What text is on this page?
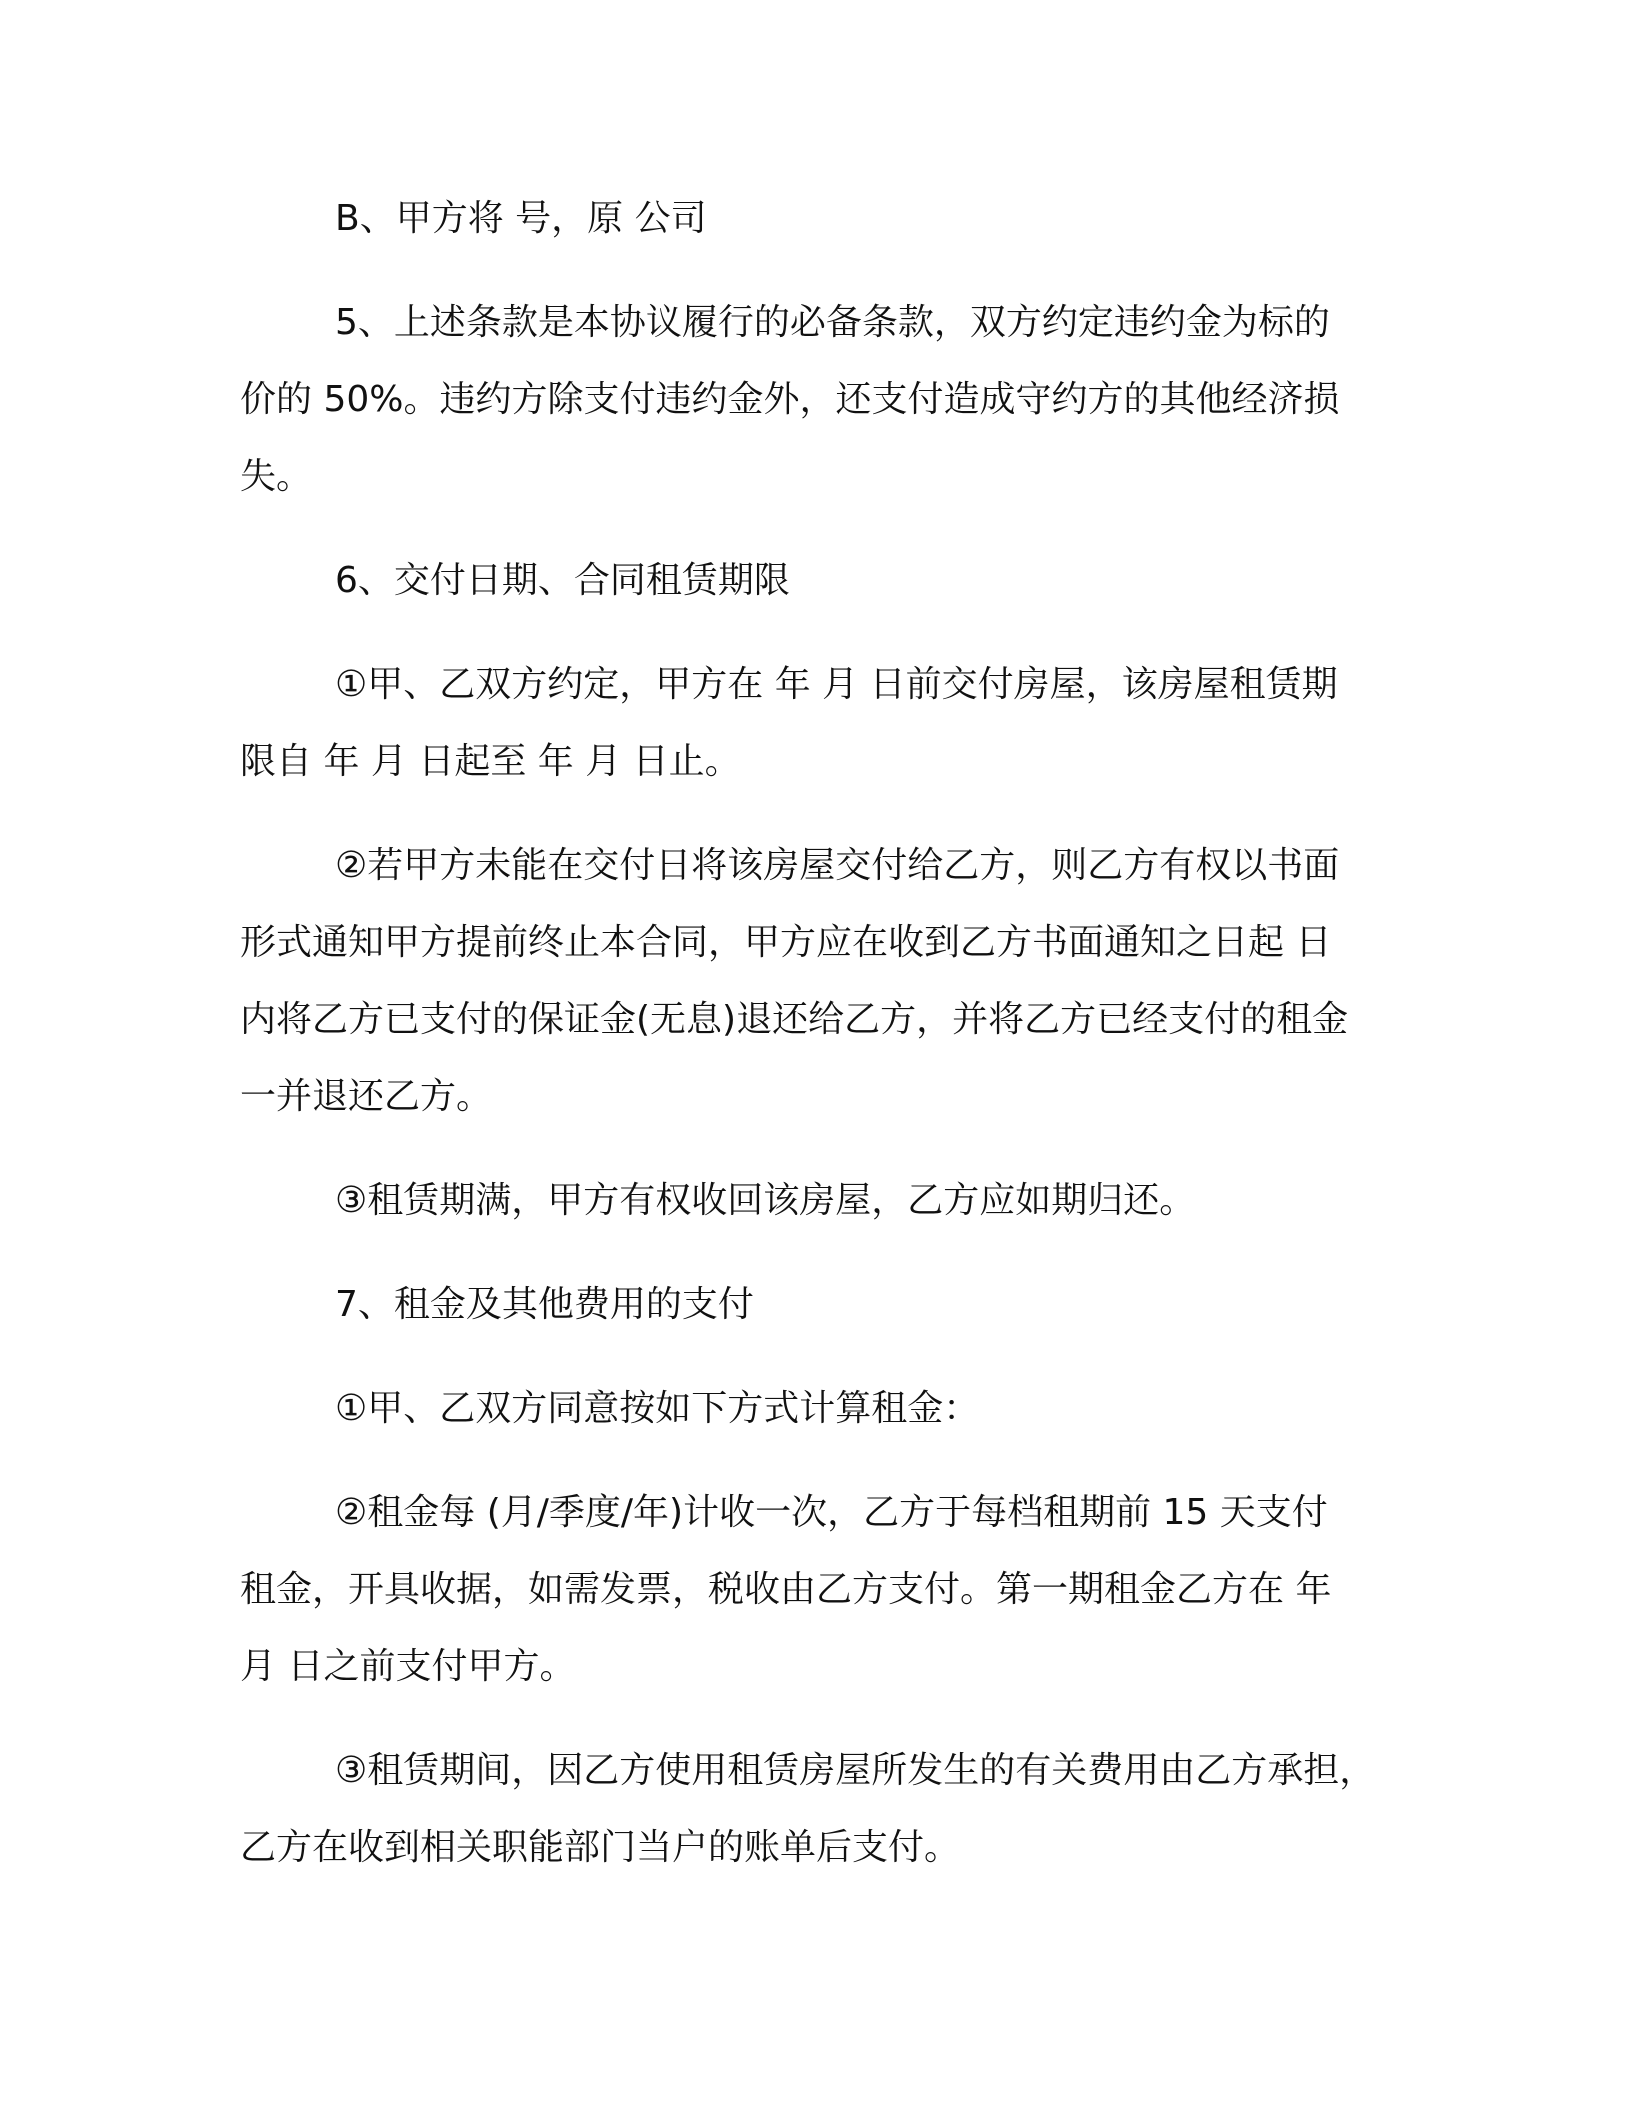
B、甲方将 号，原 公司
5、上述条款是本协议履行的必备条款，双方约定违约金为标的
价的 50%。违约方除支付违约金外，还支付造成守约方的其他经济损
失。
6、交付日期、合同租赁期限
①甲、乙双方约定，甲方在 年 月 日前交付房屋，该房屋租赁期
限自 年 月 日起至 年 月 日止。
②若甲方未能在交付日将该房屋交付给乙方，则乙方有权以书面
形式通知甲方提前终止本合同，甲方应在收到乙方书面通知之日起 日
内将乙方已支付的保证金(无息)退还给乙方，并将乙方已经支付的租金
一并退还乙方。
③租赁期满，甲方有权收回该房屋，乙方应如期归还。
7、租金及其他费用的支付
①甲、乙双方同意按如下方式计算租金：
②租金每 (月/季度/年)计收一次，乙方于每档租期前 15 天支付
租金，开具收据，如需发票，税收由乙方支付。第一期租金乙方在 年
月 日之前支付甲方。
③租赁期间，因乙方使用租赁房屋所发生的有关费用由乙方承担，
乙方在收到相关职能部门当户的账单后支付。
